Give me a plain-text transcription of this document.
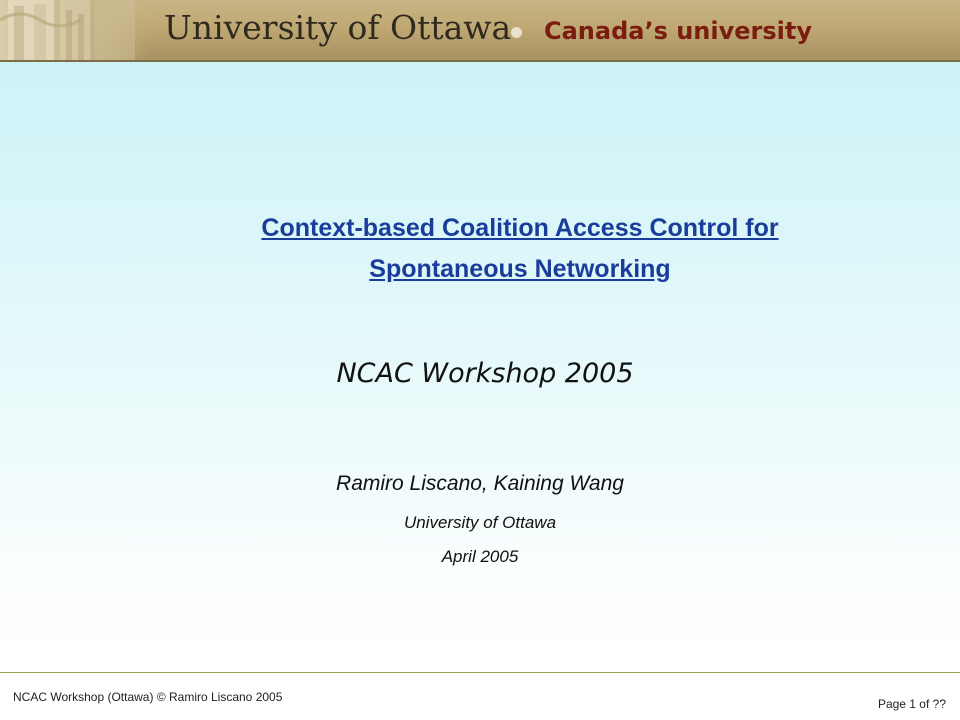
University of Ottawa Canada’s university
Context-based Coalition Access Control for
Spontaneous Networking
NCAC Workshop 2005
Ramiro Liscano, Kaining Wang
University of Ottawa
April 2005
NCAC Workshop (Ottawa) © Ramiro Liscano 2005	Page 1 of ??
